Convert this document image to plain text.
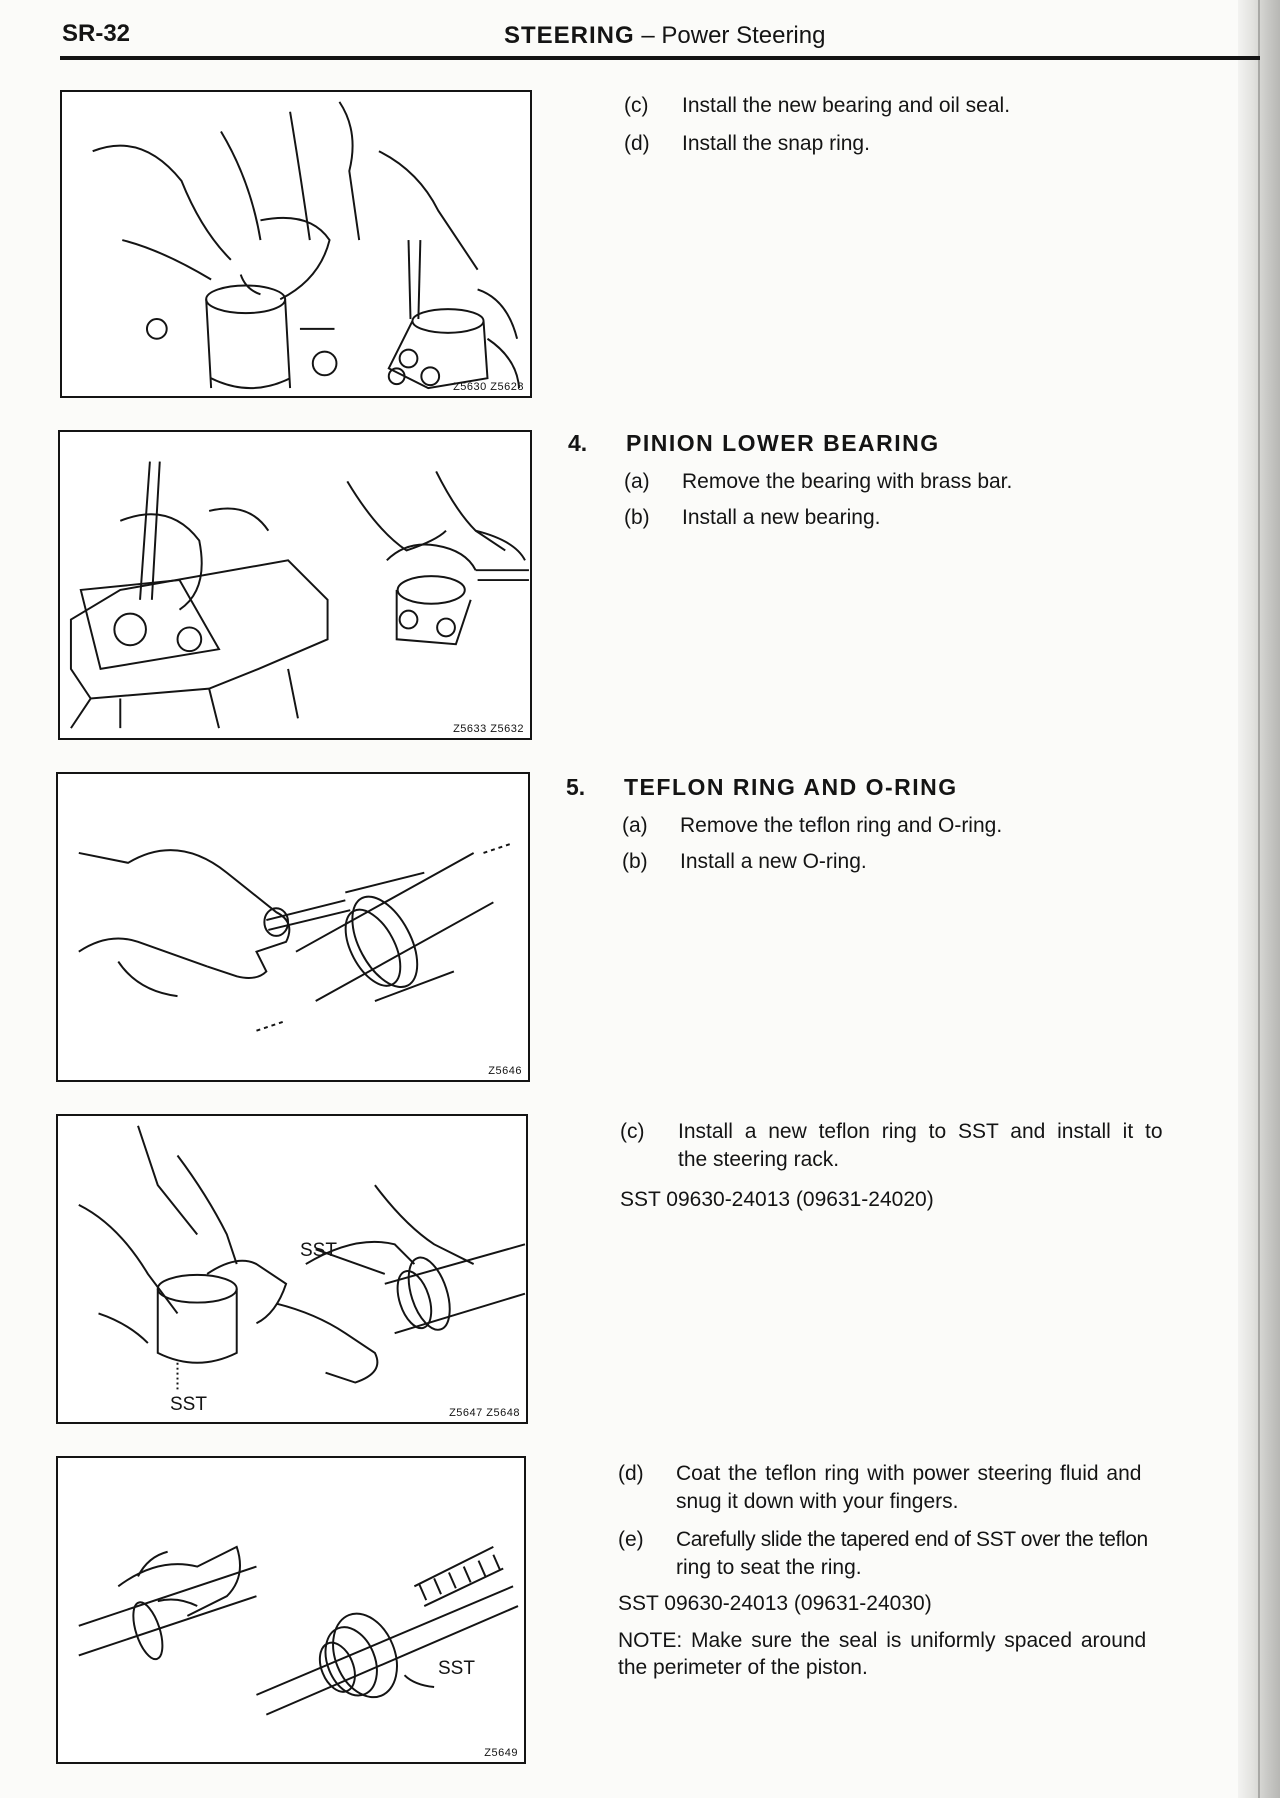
SR-32	STEERING – Power Steering
Z5630 Z5628
Z5633 Z5632
Z5646
SST
SST	Z5647 Z5648
SST
Z5649
(c) Install the new bearing and oil seal.
(d) Install the snap ring.
4. PINION LOWER BEARING
(a) Remove the bearing with brass bar.
(b) Install a new bearing.
5. TEFLON RING AND O-RING
(a) Remove the teflon ring and O-ring.
(b) Install a new O-ring.
(c) Install a new teflon ring to SST and install it to
the steering rack.
SST 09630-24013 (09631-24020)
(d) Coat the teflon ring with power steering fluid and
snug it down with your fingers.
(e) Carefully slide the tapered end of SST over the teflon
ring to seat the ring.
SST 09630-24013 (09631-24030)
NOTE: Make sure the seal is uniformly spaced around
the perimeter of the piston.
